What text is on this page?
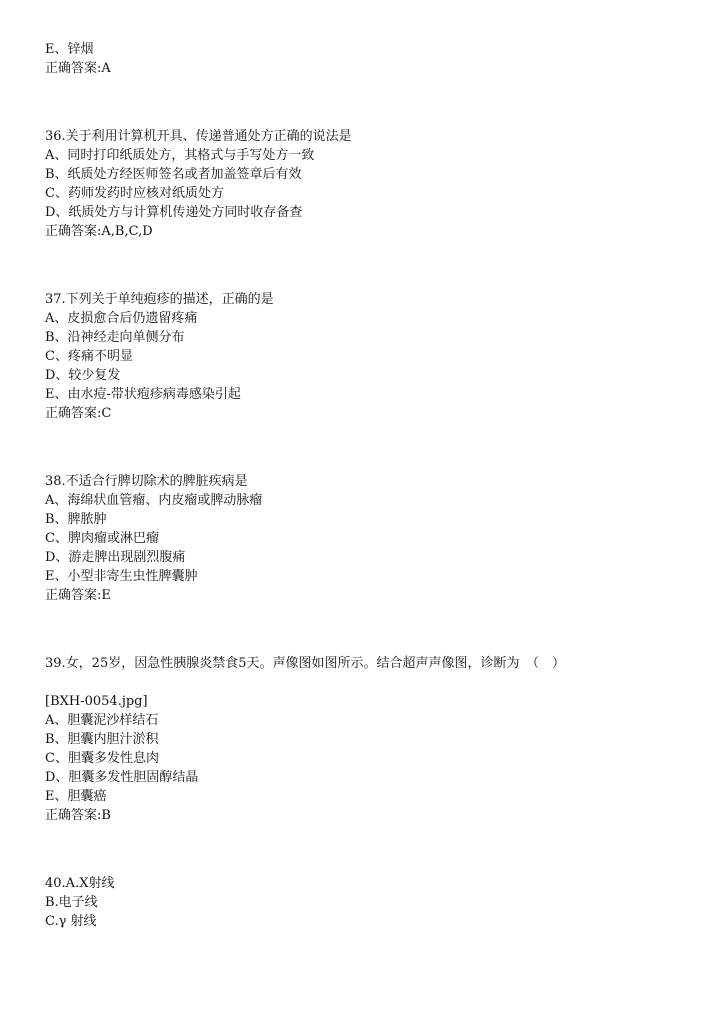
E、锌烟
正确答案:A
36.关于利用计算机开具、传递普通处方正确的说法是
A、同时打印纸质处方，其格式与手写处方一致
B、纸质处方经医师签名或者加盖签章后有效
C、药师发药时应核对纸质处方
D、纸质处方与计算机传递处方同时收存备查
正确答案:A,B,C,D
37.下列关于单纯疱疹的描述，正确的是
A、皮损愈合后仍遗留疼痛
B、沿神经走向单侧分布
C、疼痛不明显
D、较少复发
E、由水痘-带状疱疹病毒感染引起
正确答案:C
38.不适合行脾切除术的脾脏疾病是
A、海绵状血管瘤、内皮瘤或脾动脉瘤
B、脾脓肿
C、脾肉瘤或淋巴瘤
D、游走脾出现剧烈腹痛
E、小型非寄生虫性脾囊肿
正确答案:E
39.女，25岁，因急性胰腺炎禁食5天。声像图如图所示。结合超声声像图，诊断为　（　）
[BXH-0054.jpg]
A、胆囊泥沙样结石
B、胆囊内胆汁淤积
C、胆囊多发性息肉
D、胆囊多发性胆固醇结晶
E、胆囊癌
正确答案:B
40.A.X射线
B.电子线
C.γ 射线
